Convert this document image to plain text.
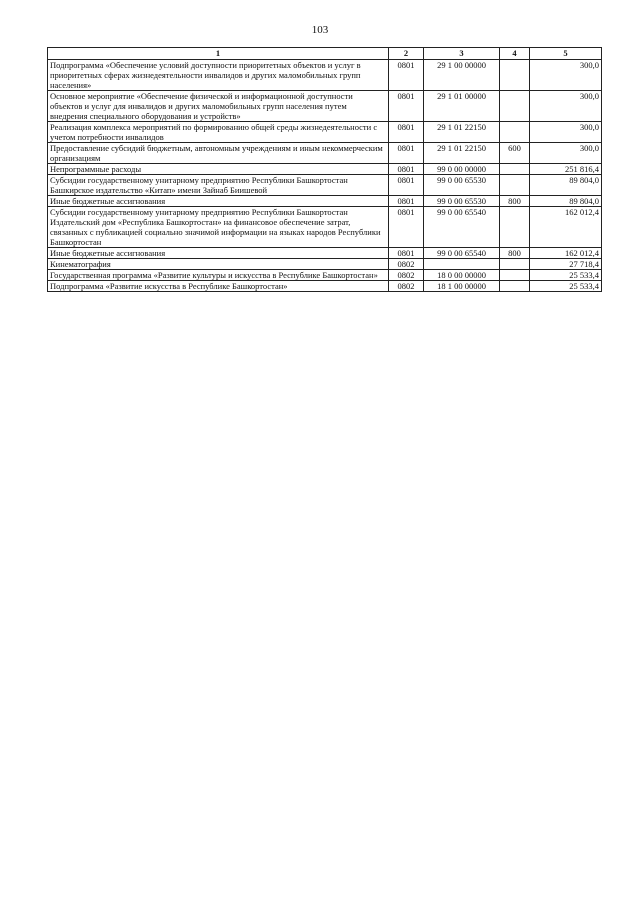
103
1	2	3	4	5
Подпрограмма «Обеспечение условий доступности приоритетных объектов и услуг в приоритетных сферах жизнедеятельности инвалидов и других маломобильных групп населения»	0801	29 1 00 00000		300,0
Основное мероприятие «Обеспечение физической и информационной доступности объектов и услуг для инвалидов и других маломобильных групп населения путем внедрения специального оборудования и устройств»	0801	29 1 01 00000		300,0
Реализация комплекса мероприятий по формированию общей среды жизнедеятельности с учетом потребности инвалидов	0801	29 1 01 22150		300,0
Предоставление субсидий бюджетным, автономным учреждениям и иным некоммерческим организациям	0801	29 1 01 22150	600	300,0
Непрограммные расходы	0801	99 0 00 00000		251 816,4
Субсидии государственному унитарному предприятию Республики Башкортостан Башкирское издательство «Китап» имени Зайнаб Биишевой	0801	99 0 00 65530		89 804,0
Иные бюджетные ассигнования	0801	99 0 00 65530	800	89 804,0
Субсидии государственному унитарному предприятию Республики Башкортостан Издательский дом «Республика Башкортостан» на финансовое обеспечение затрат, связанных с публикацией социально значимой информации на языках народов Республики Башкортостан	0801	99 0 00 65540		162 012,4
Иные бюджетные ассигнования	0801	99 0 00 65540	800	162 012,4
Кинематография	0802			27 718,4
Государственная программа «Развитие культуры и искусства в Республике Башкортостан»	0802	18 0 00 00000		25 533,4
Подпрограмма «Развитие искусства в Республике Башкортостан»	0802	18 1 00 00000		25 533,4
